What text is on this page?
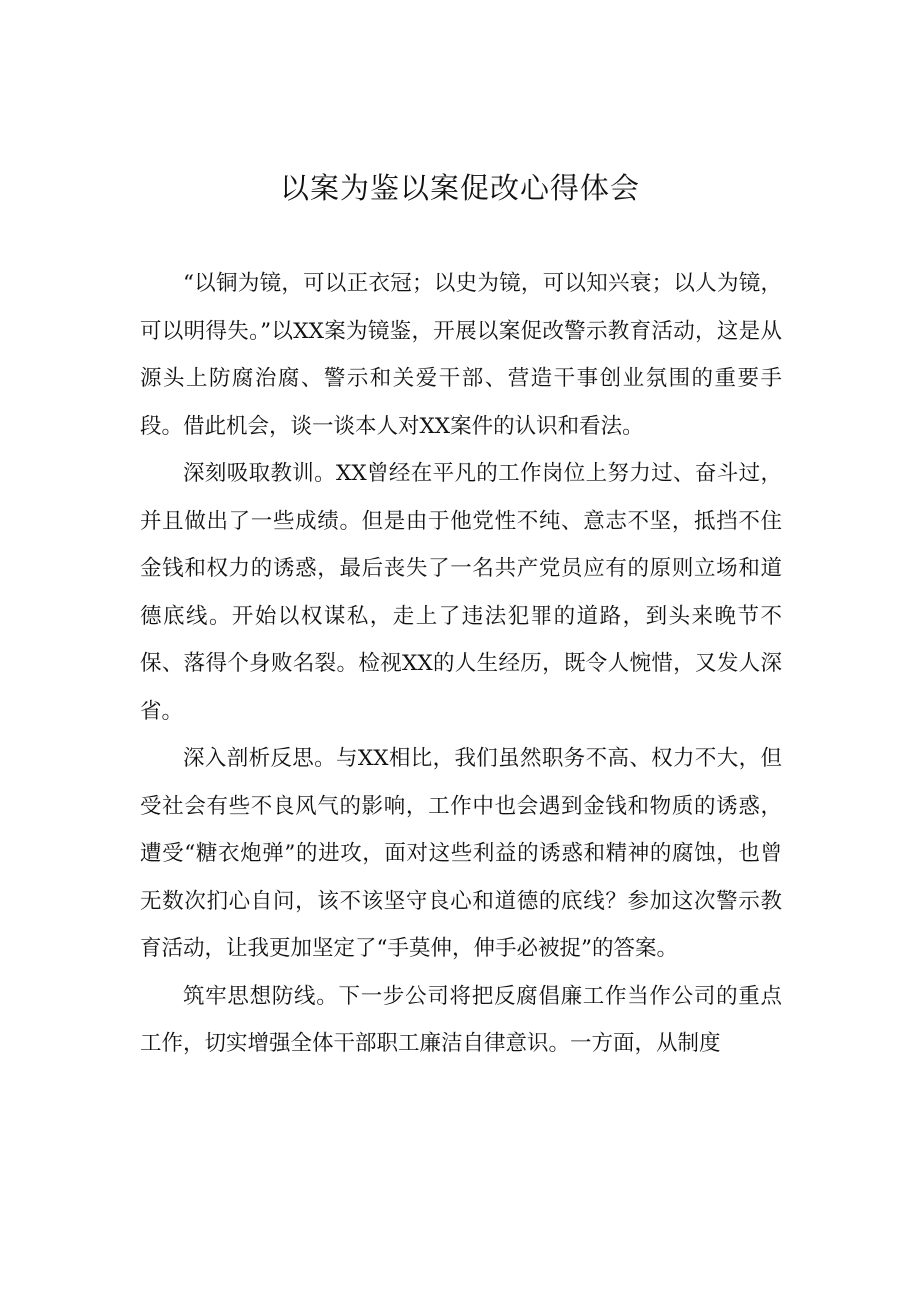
以案为鉴以案促改心得体会

“以铜为镜，可以正衣冠；以史为镜，可以知兴衰；以人为镜，可以明得失。”以XX案为镜鉴，开展以案促改警示教育活动，这是从源头上防腐治腐、警示和关爱干部、营造干事创业氛围的重要手段。借此机会，谈一谈本人对XX案件的认识和看法。

深刻吸取教训。XX曾经在平凡的工作岗位上努力过、奋斗过，并且做出了一些成绩。但是由于他党性不纯、意志不坚，抵挡不住金钱和权力的诱惑，最后丧失了一名共产党员应有的原则立场和道德底线。开始以权谋私，走上了违法犯罪的道路，到头来晚节不保、落得个身败名裂。检视XX的人生经历，既令人惋惜，又发人深省。

深入剖析反思。与XX相比，我们虽然职务不高、权力不大，但受社会有些不良风气的影响，工作中也会遇到金钱和物质的诱惑，遭受“糖衣炮弹”的进攻，面对这些利益的诱惑和精神的腐蚀，也曾无数次扪心自问，该不该坚守良心和道德的底线？参加这次警示教育活动，让我更加坚定了“手莫伸，伸手必被捉”的答案。

筑牢思想防线。下一步公司将把反腐倡廉工作当作公司的重点工作，切实增强全体干部职工廉洁自律意识。一方面，从制度
